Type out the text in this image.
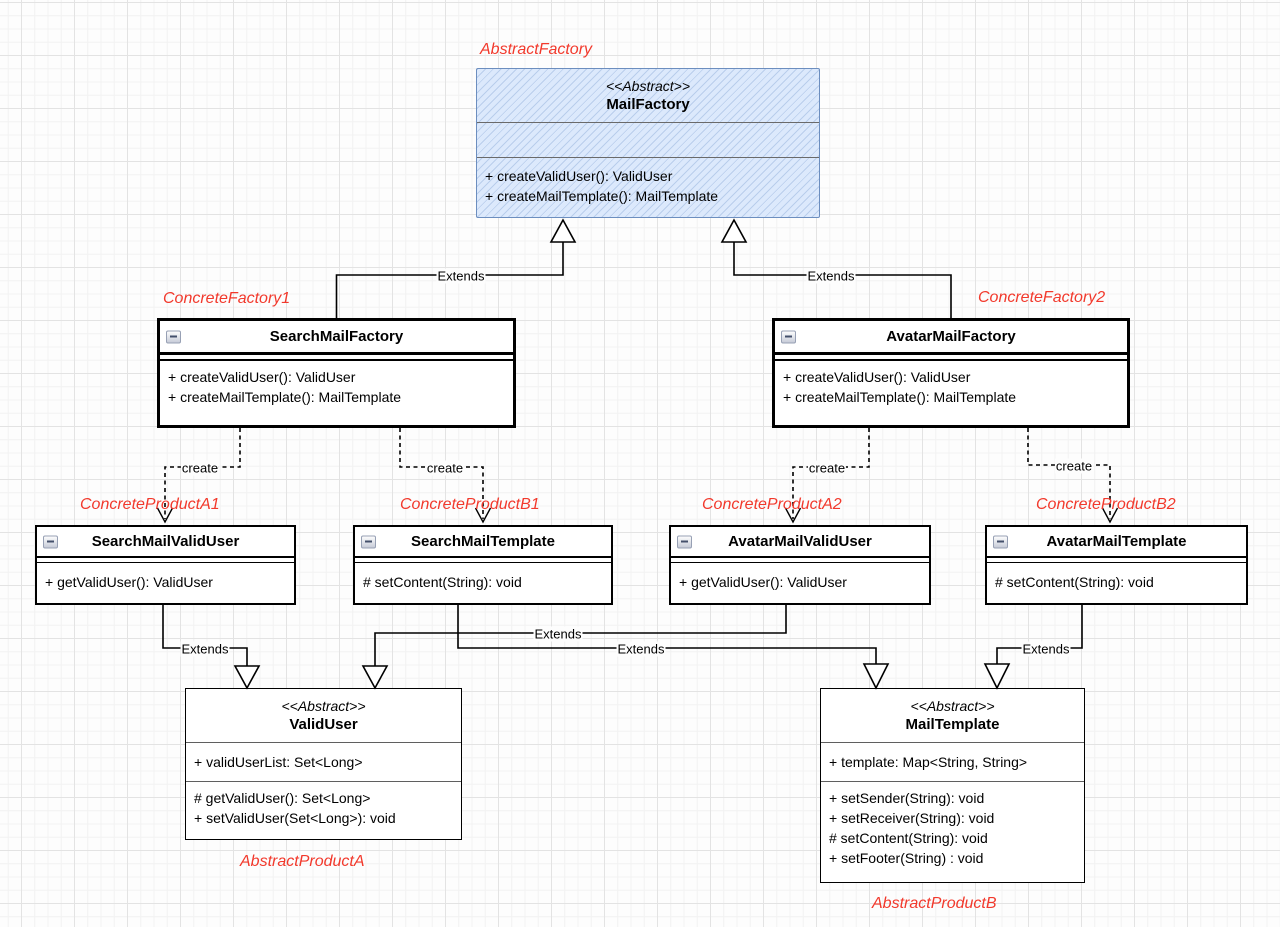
<<Abstract>>
MailFactory
+ createValidUser(): ValidUser
+ createMailTemplate(): MailTemplate
SearchMailFactory
+ createValidUser(): ValidUser
+ createMailTemplate(): MailTemplate
AvatarMailFactory
+ createValidUser(): ValidUser
+ createMailTemplate(): MailTemplate
SearchMailValidUser
+ getValidUser(): ValidUser
SearchMailTemplate
# setContent(String): void
AvatarMailValidUser
+ getValidUser(): ValidUser
AvatarMailTemplate
# setContent(String): void
<<Abstract>>
ValidUser
+ validUserList: Set<Long>
# getValidUser(): Set<Long>
+ setValidUser(Set<Long>): void
<<Abstract>>
MailTemplate
+ template: Map<String, String>
+ setSender(String): void
+ setReceiver(String): void
# setContent(String): void
+ setFooter(String) : void
Extends	Extends
Extends
Extends
Extends	Extends
create	create	create	create
AbstractFactory
ConcreteFactory1	ConcreteFactory2
ConcreteProductA1	ConcreteProductB1	ConcreteProductA2	ConcreteProductB2
AbstractProductA
AbstractProductB
